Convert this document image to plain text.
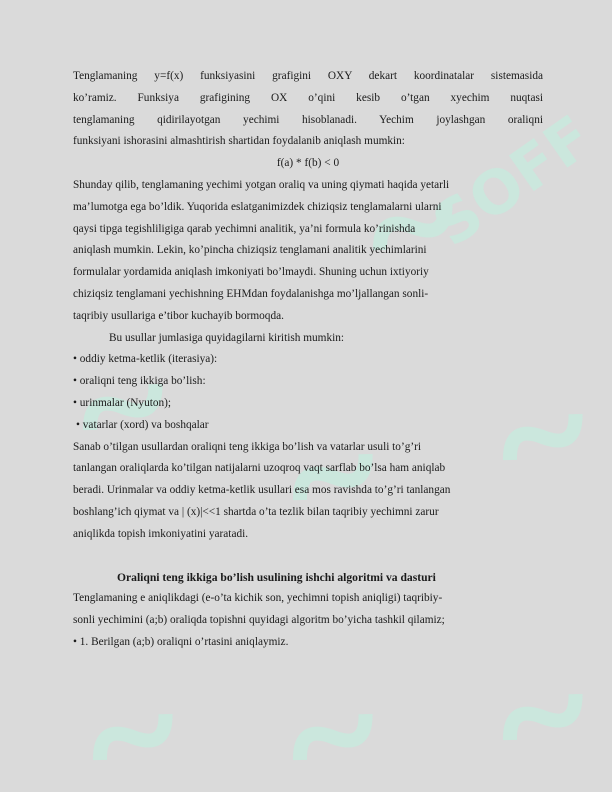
SOFF
Tenglamaning y=f(x) funksiyasini grafigini OXY dekart koordinatalar sistemasida
ko’ramiz. Funksiya grafigining OX o’qini kesib o’tgan xyechim nuqtasi
tenglamaning qidirilayotgan yechimi hisoblanadi. Yechim joylashgan oraliqni
funksiyani ishorasini almashtirish shartidan foydalanib aniqlash mumkin:
f(a) * f(b) < 0
Shunday qilib, tenglamaning yechimi yotgan oraliq va uning qiymati haqida yetarli
ma’lumotga ega bo’ldik. Yuqorida eslatganimizdek chiziqsiz tenglamalarni ularni
qaysi tipga tegishliligiga qarab yechimni analitik, ya’ni formula ko’rinishda
aniqlash mumkin. Lekin, ko’pincha chiziqsiz tenglamani analitik yechimlarini
formulalar yordamida aniqlash imkoniyati bo’lmaydi. Shuning uchun ixtiyoriy
chiziqsiz tenglamani yechishning EHMdan foydalanishga mo’ljallangan sonli-
taqribiy usullariga e’tibor kuchayib bormoqda.
Bu usullar jumlasiga quyidagilarni kiritish mumkin:
• oddiy ketma-ketlik (iterasiya):
• oraliqni teng ikkiga bo’lish:
• urinmalar (Nyuton);
• vatarlar (xord) va boshqalar
Sanab o’tilgan usullardan oraliqni teng ikkiga bo’lish va vatarlar usuli to’g’ri
tanlangan oraliqlarda ko’tilgan natijalarni uzoqroq vaqt sarflab bo’lsa ham aniqlab
beradi. Urinmalar va oddiy ketma-ketlik usullari esa mos ravishda to’g’ri tanlangan
boshlang’ich qiymat va | (x)|<<1 shartda o’ta tezlik bilan taqribiy yechimni zarur
aniqlikda topish imkoniyatini yaratadi.
Oraliqni teng ikkiga bo’lish usulining ishchi algoritmi va dasturi
Tenglamaning e aniqlikdagi (e-o’ta kichik son, yechimni topish aniqligi) taqribiy-
sonli yechimini (a;b) oraliqda topishni quyidagi algoritm bo’yicha tashkil qilamiz;
• 1. Berilgan (a;b) oraliqni o’rtasini aniqlaymiz.
